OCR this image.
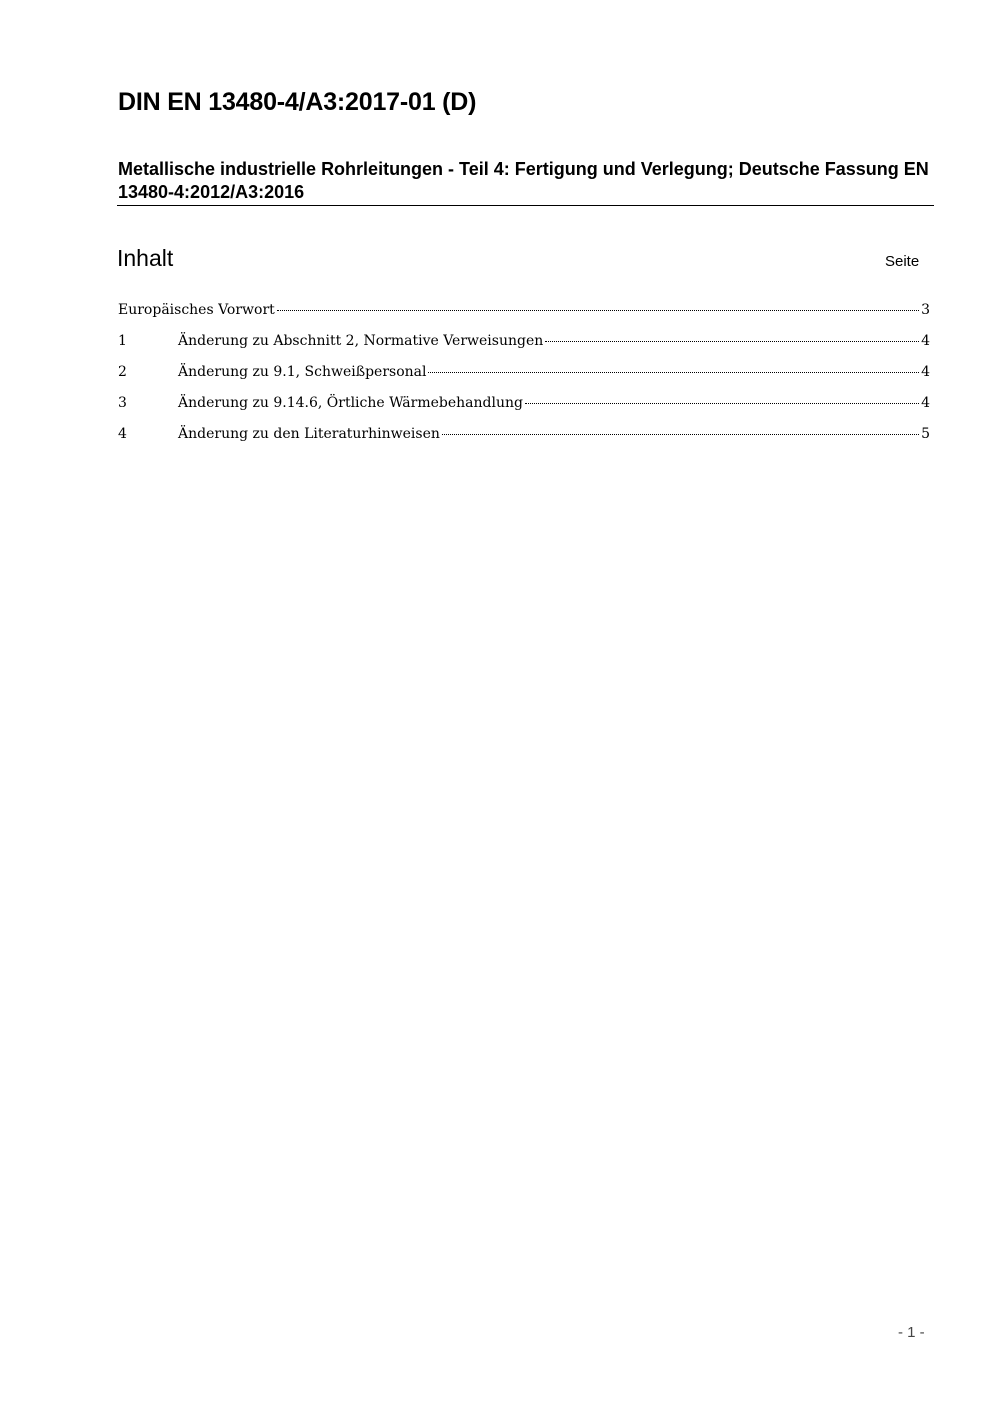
DIN EN 13480-4/A3:2017-01 (D)

Metallische industrielle Rohrleitungen - Teil 4: Fertigung und Verlegung; Deutsche Fassung EN 13480-4:2012/A3:2016

Inhalt	Seite
Europäisches Vorwort	3
1	Änderung zu Abschnitt 2, Normative Verweisungen	4
2	Änderung zu 9.1, Schweißpersonal	4
3	Änderung zu 9.14.6, Örtliche Wärmebehandlung	4
4	Änderung zu den Literaturhinweisen	5
- 1 -
